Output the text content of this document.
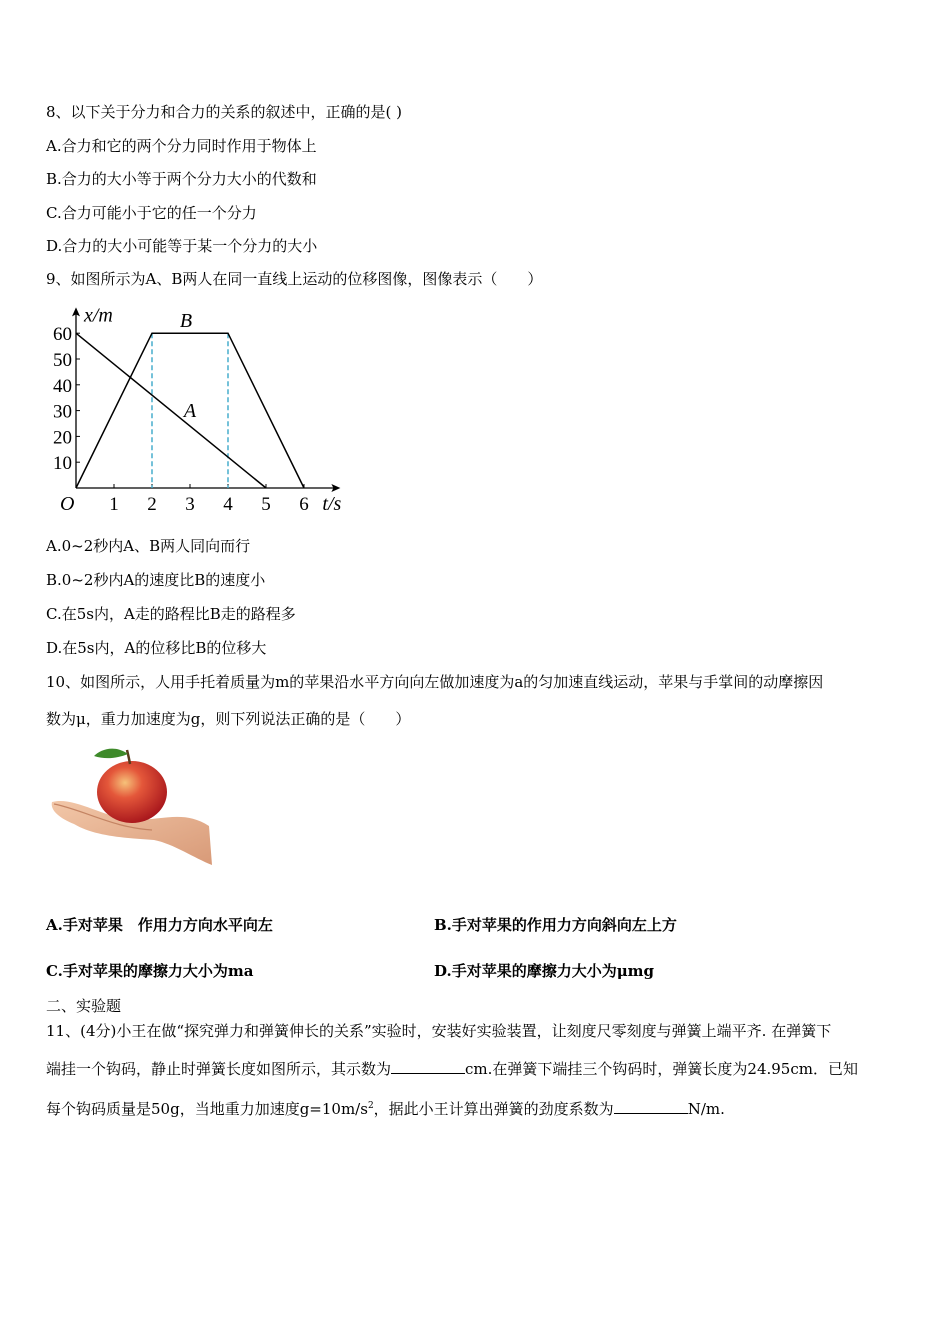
8、以下关于分力和合力的关系的叙述中，正确的是( )
A.合力和它的两个分力同时作用于物体上
B.合力的大小等于两个分力大小的代数和
C.合力可能小于它的任一个分力
D.合力的大小可能等于某一个分力的大小
9、如图所示为A、B两人在同一直线上运动的位移图像，图像表示（　　）
1 2 3 4 5 6
10
20
30
40
50
60
B
A
x/m
t/s
O
A.0~2秒内A、B两人同向而行
B.0~2秒内A的速度比B的速度小
C.在5s内，A走的路程比B走的路程多
D.在5s内，A的位移比B的位移大
10、如图所示，人用手托着质量为m的苹果沿水平方向向左做加速度为a的匀加速直线运动，苹果与手掌间的动摩擦因
数为μ，重力加速度为g，则下列说法正确的是（　　）
A.手对苹果　作用力方向水平向左	B.手对苹果的作用力方向斜向左上方
C.手对苹果的摩擦力大小为ma	D.手对苹果的摩擦力大小为μmg
二、实验题
11、(4分)小王在做“探究弹力和弹簧伸长的关系”实验时，安装好实验装置，让刻度尺零刻度与弹簧上端平齐. 在弹簧下
端挂一个钩码，静止时弹簧长度如图所示，其示数为	cm.在弹簧下端挂三个钩码时，弹簧长度为24.95cm．已知
每个钩码质量是50g，当地重力加速度$g=10m/s^2$，据此小王计算出弹簧的劲度系数为	N/m.
